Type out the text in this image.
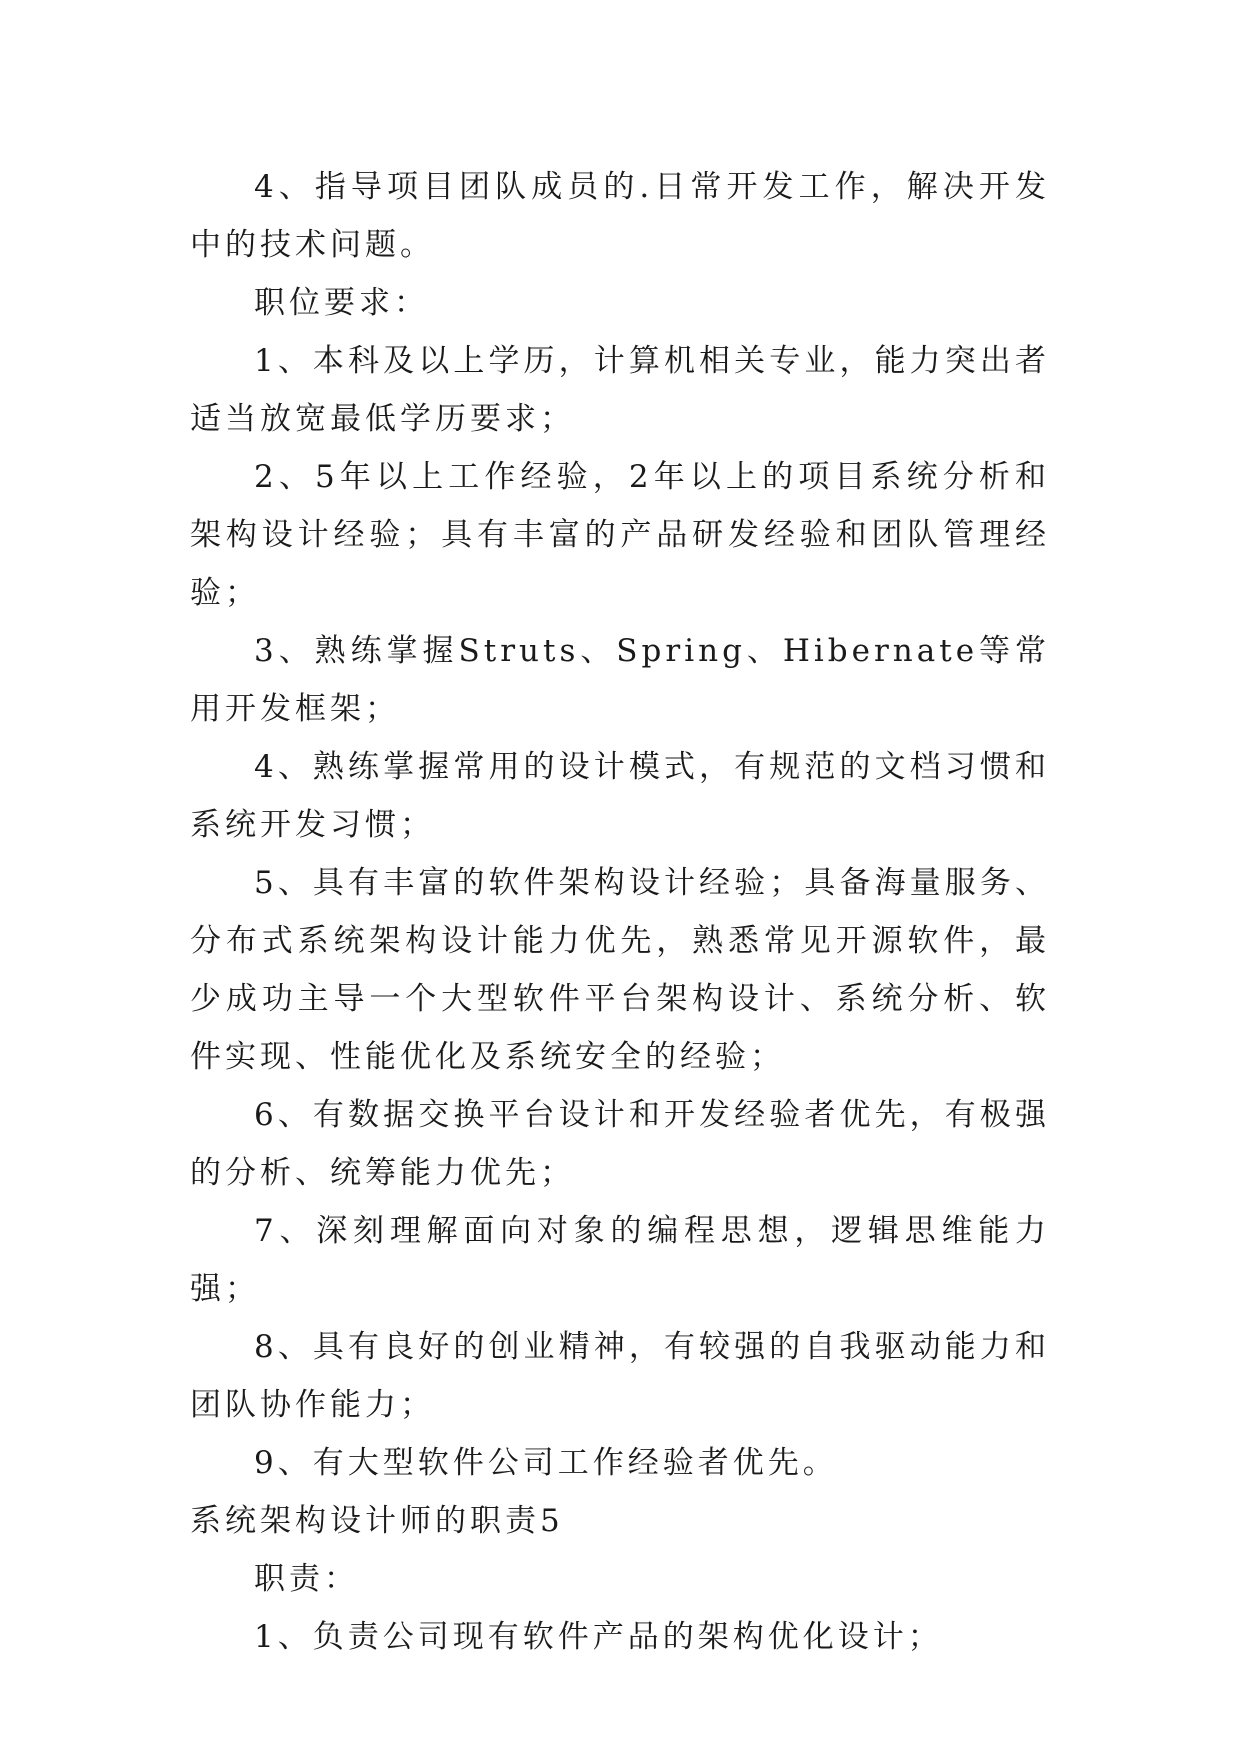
4、指导项目团队成员的.日常开发工作，解决开发中的技术问题。

职位要求：

1、本科及以上学历，计算机相关专业，能力突出者适当放宽最低学历要求；

2、5年以上工作经验，2年以上的项目系统分析和架构设计经验；具有丰富的产品研发经验和团队管理经验；

3、熟练掌握Struts、Spring、Hibernate等常用开发框架；

4、熟练掌握常用的设计模式，有规范的文档习惯和系统开发习惯；

5、具有丰富的软件架构设计经验；具备海量服务、分布式系统架构设计能力优先，熟悉常见开源软件，最少成功主导一个大型软件平台架构设计、系统分析、软件实现、性能优化及系统安全的经验；

6、有数据交换平台设计和开发经验者优先，有极强的分析、统筹能力优先；

7、深刻理解面向对象的编程思想，逻辑思维能力强；

8、具有良好的创业精神，有较强的自我驱动能力和团队协作能力；

9、有大型软件公司工作经验者优先。

系统架构设计师的职责5

职责：

1、负责公司现有软件产品的架构优化设计；
